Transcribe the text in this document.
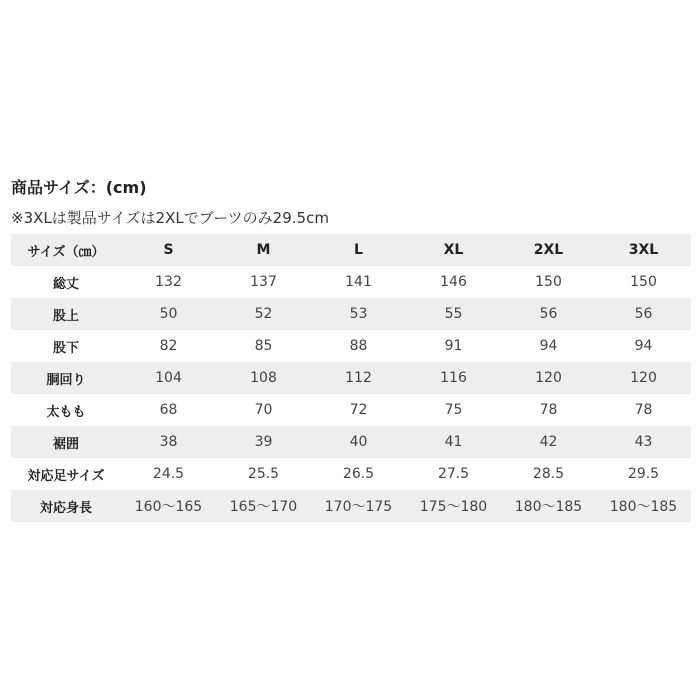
商品サイズ：(cm)
※3XLは製品サイズは2XLでブーツのみ29.5cm
サイズ（㎝）	S	M	L	XL	2XL	3XL
総丈	132	137	141	146	150	150
股上	50	52	53	55	56	56
股下	82	85	88	91	94	94
胴回り	104	108	112	116	120	120
太もも	68	70	72	75	78	78
裾囲	38	39	40	41	42	43
対応足サイズ	24.5	25.5	26.5	27.5	28.5	29.5
対応身長	160～165	165～170	170～175	175～180	180～185	180～185
